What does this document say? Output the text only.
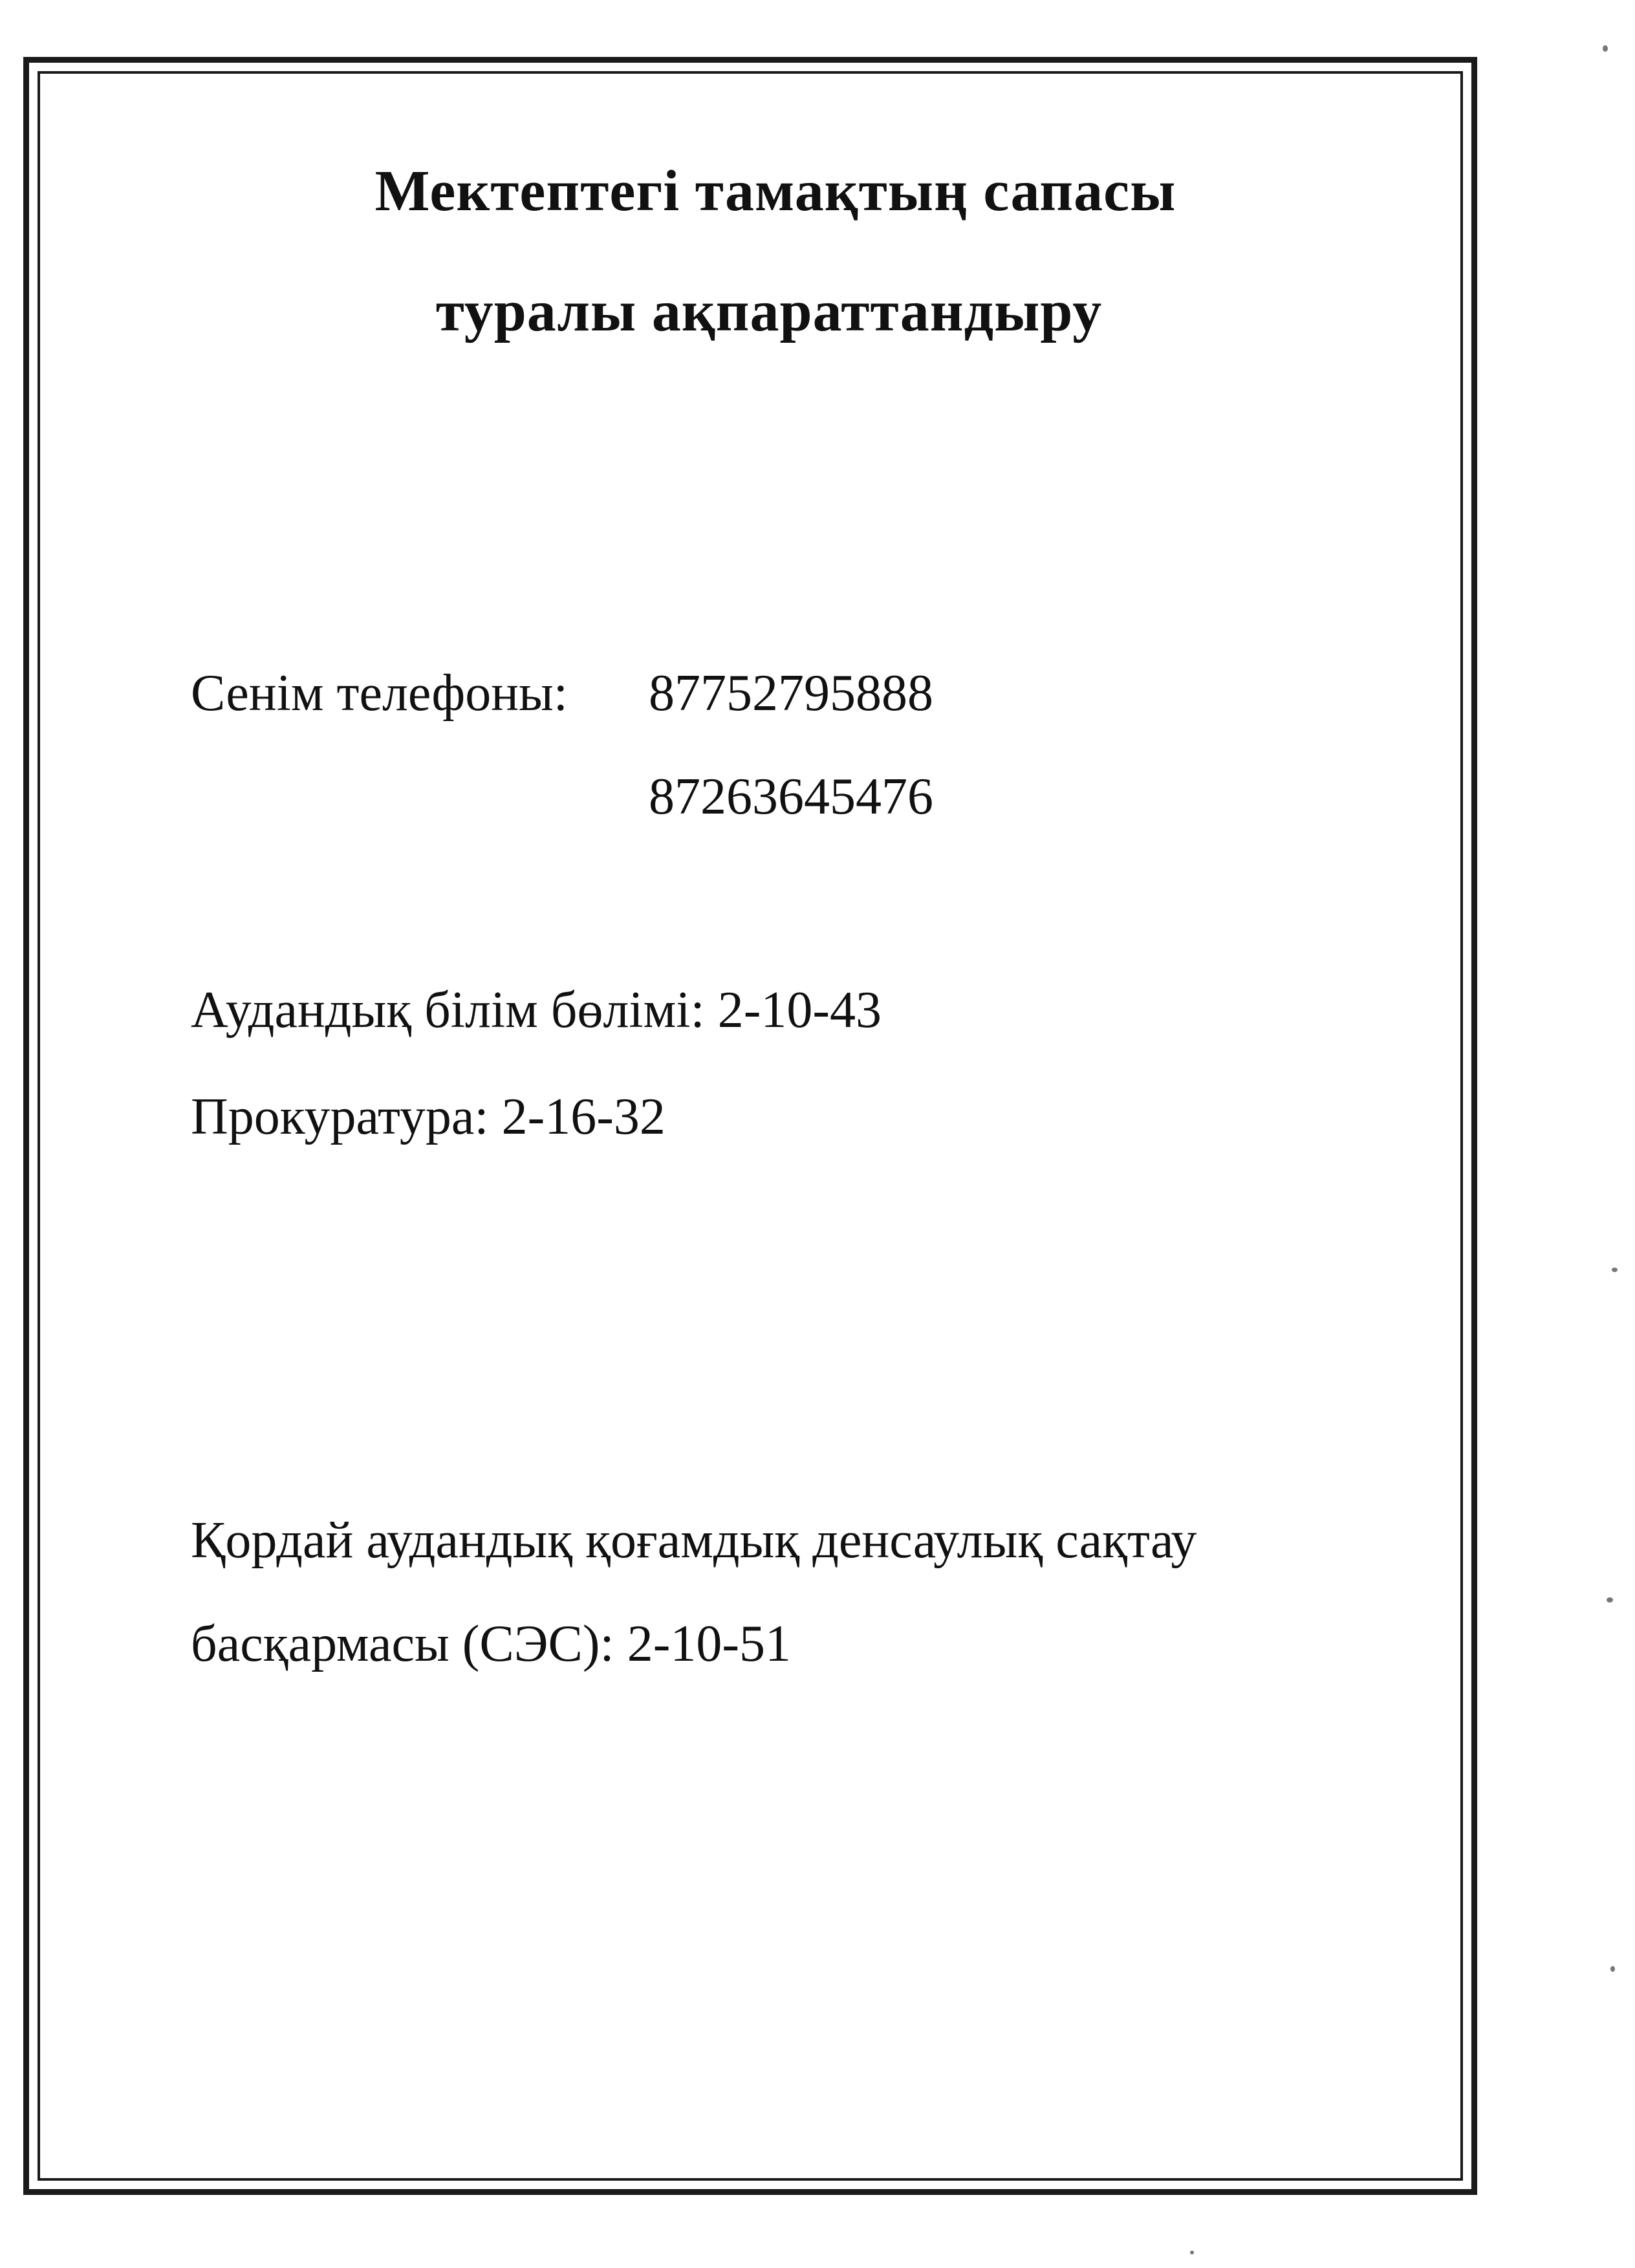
Мектептегі тамақтың сапасы
туралы ақпараттандыру
Сенім телефоны: 87752795888
87263645476
Аудандық білім бөлімі: 2-10-43
Прокуратура: 2-16-32
Қордай аудандық қоғамдық денсаулық сақтау
басқармасы (СЭС): 2-10-51
